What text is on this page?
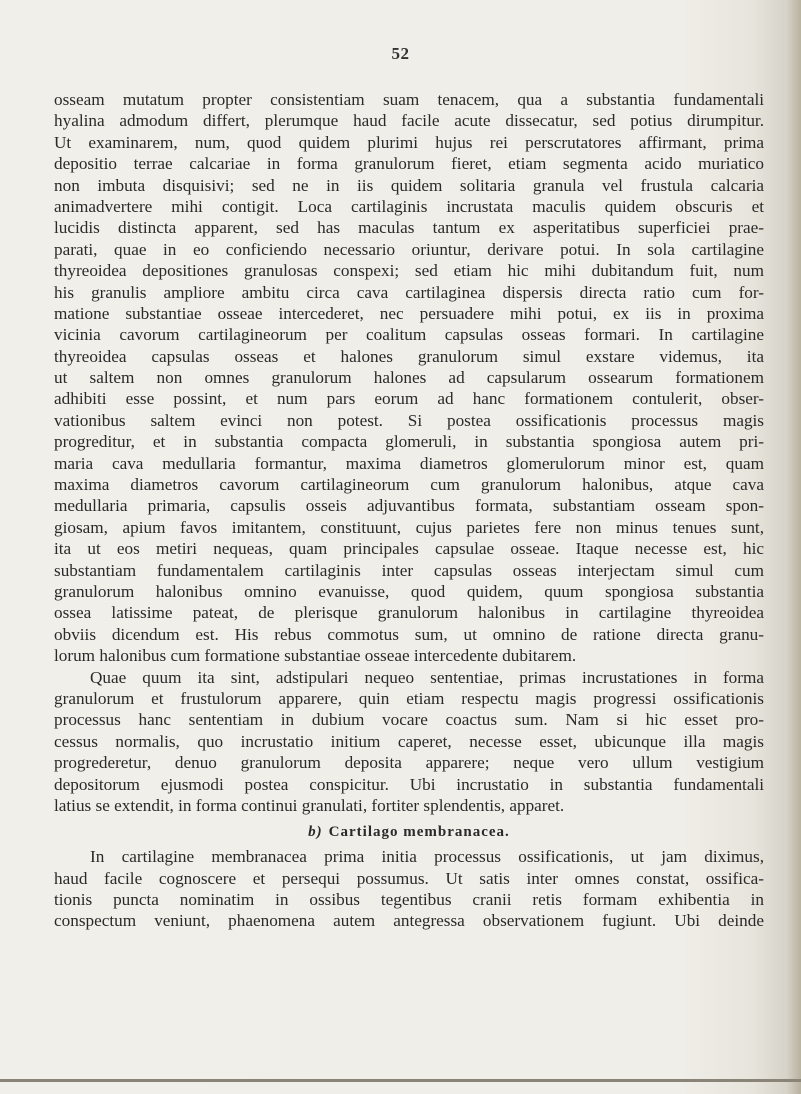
52
osseam mutatum propter consistentiam suam tenacem, qua a substantia fundamentali
hyalina admodum differt, plerumque haud facile acute dissecatur, sed potius dirumpitur.
Ut examinarem, num, quod quidem plurimi hujus rei perscrutatores affirmant, prima
depositio terrae calcariae in forma granulorum fieret, etiam segmenta acido muriatico
non imbuta disquisivi; sed ne in iis quidem solitaria granula vel frustula calcaria
animadvertere mihi contigit. Loca cartilaginis incrustata maculis quidem obscuris et
lucidis distincta apparent, sed has maculas tantum ex asperitatibus superficiei prae-
parati, quae in eo conficiendo necessario oriuntur, derivare potui. In sola cartilagine
thyreoidea depositiones granulosas conspexi; sed etiam hic mihi dubitandum fuit, num
his granulis ampliore ambitu circa cava cartilaginea dispersis directa ratio cum for-
matione substantiae osseae intercederet, nec persuadere mihi potui, ex iis in proxima
vicinia cavorum cartilagineorum per coalitum capsulas osseas formari. In cartilagine
thyreoidea capsulas osseas et halones granulorum simul exstare videmus, ita
ut saltem non omnes granulorum halones ad capsularum ossearum formationem
adhibiti esse possint, et num pars eorum ad hanc formationem contulerit, obser-
vationibus saltem evinci non potest. Si postea ossificationis processus magis
progreditur, et in substantia compacta glomeruli, in substantia spongiosa autem pri-
maria cava medullaria formantur, maxima diametros glomerulorum minor est, quam
maxima diametros cavorum cartilagineorum cum granulorum halonibus, atque cava
medullaria primaria, capsulis osseis adjuvantibus formata, substantiam osseam spon-
giosam, apium favos imitantem, constituunt, cujus parietes fere non minus tenues sunt,
ita ut eos metiri nequeas, quam principales capsulae osseae. Itaque necesse est, hic
substantiam fundamentalem cartilaginis inter capsulas osseas interjectam simul cum
granulorum halonibus omnino evanuisse, quod quidem, quum spongiosa substantia
ossea latissime pateat, de plerisque granulorum halonibus in cartilagine thyreoidea
obviis dicendum est. His rebus commotus sum, ut omnino de ratione directa granu-
lorum halonibus cum formatione substantiae osseae intercedente dubitarem.
Quae quum ita sint, adstipulari nequeo sententiae, primas incrustationes in forma
granulorum et frustulorum apparere, quin etiam respectu magis progressi ossificationis
processus hanc sententiam in dubium vocare coactus sum. Nam si hic esset pro-
cessus normalis, quo incrustatio initium caperet, necesse esset, ubicunque illa magis
progrederetur, denuo granulorum deposita apparere; neque vero ullum vestigium
depositorum ejusmodi postea conspicitur. Ubi incrustatio in substantia fundamentali
latius se extendit, in forma continui granulati, fortiter splendentis, apparet.
b) Cartilago membranacea.
In cartilagine membranacea prima initia processus ossificationis, ut jam diximus,
haud facile cognoscere et persequi possumus. Ut satis inter omnes constat, ossifica-
tionis puncta nominatim in ossibus tegentibus cranii retis formam exhibentia in
conspectum veniunt, phaenomena autem antegressa observationem fugiunt. Ubi deinde
